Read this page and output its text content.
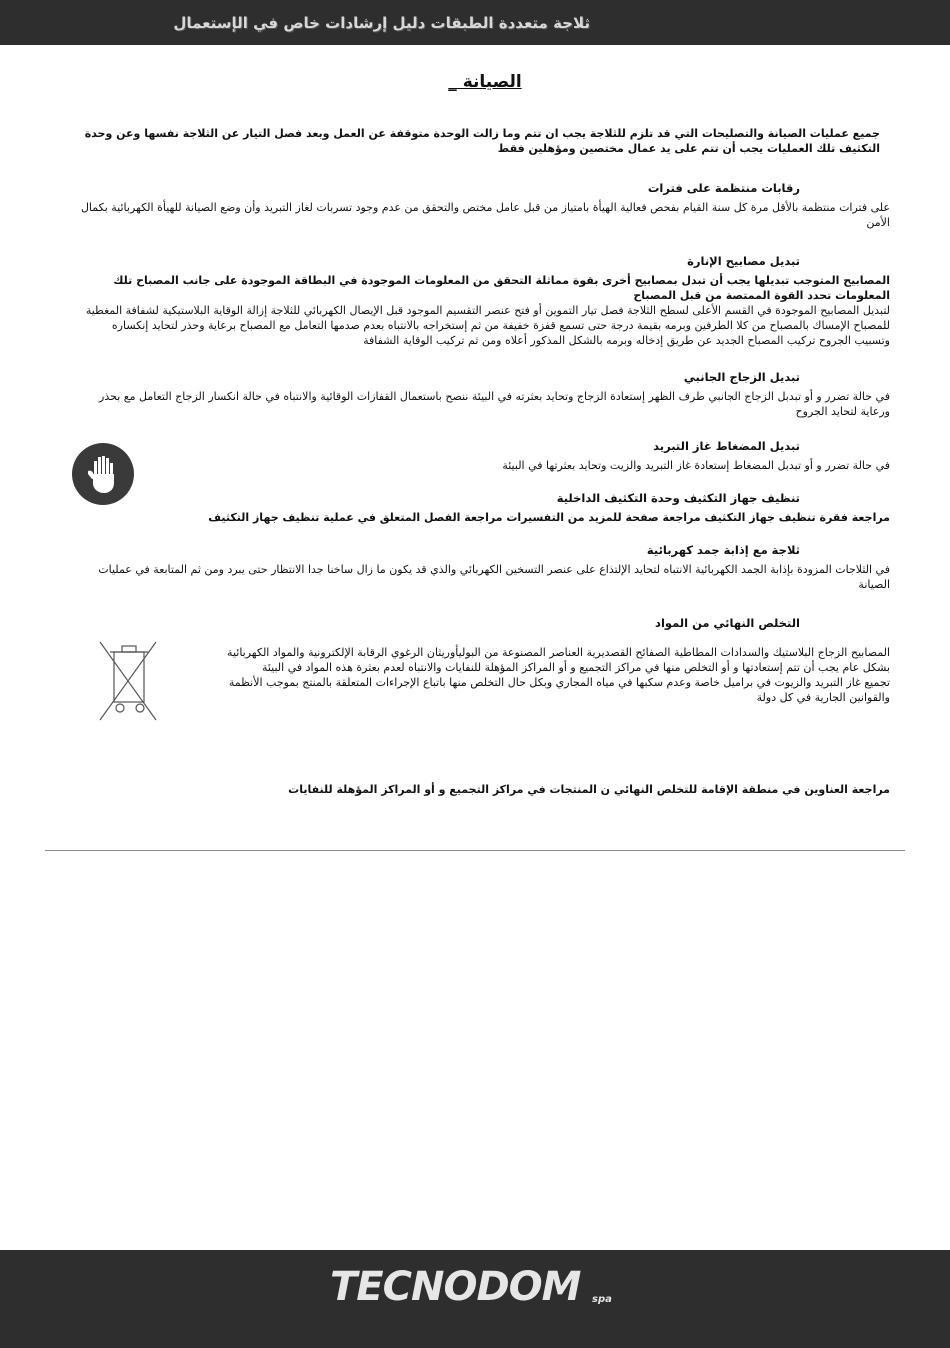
ثلاجة متعددة الطبقات دليل إرشادات خاص في الإستعمال
الصيانة _

جميع عمليات الصيانة والتصليحات التي قد تلزم للثلاجة يجب ان تتم وما زالت الوحدة متوقفة عن العمل وبعد فصل التيار عن الثلاجة نفسها وعن وحدة التكثيف تلك العمليات يجب أن تتم على يد عمال مختصين ومؤهلين فقط

رقابات منتظمة على فترات

على فترات منتظمة بالأقل مرة كل سنة القيام بفحص فعالية الهيأة بامتياز من قبل عامل مختص والتحقق من عدم وجود تسربات لغاز التبريد وأن وضع الصيانة للهيأة الكهربائية بكمال الأمن

تبديل مصابيح الإنارة

المصابيح المتوجب تبديلها يجب أن تبدل بمصابيح أخرى بقوة مماثلة التحقق من المعلومات الموجودة في البطاقة الموجودة على جانب المصباح تلك المعلومات تحدد القوة الممتصة من قبل المصباح

لتبديل المصابيح الموجودة في القسم الأعلى لسطح الثلاجة فصل تيار التموين أو فتح عنصر التقسيم الموجود قبل الإيصال الكهربائي للثلاجة إزالة الوقاية البلاستيكية لشفافة المغطية للمصباح الإمساك بالمصباح من كلا الطرفين وبرمه بقيمة درجة حتى تسمع قفزة خفيفة من ثم إستخراجه بالانتباه بعدم صدمها التعامل مع المصباح برعاية وحذر لتحايد إنكساره وتسبيب الجروح تركيب المصباح الجديد عن طريق إدخاله وبرمه بالشكل المذكور أعلاه ومن ثم تركيب الوقاية الشفافة

تبديل الزجاج الجانبي

في حالة تضرر و أو تبدبل الزجاج الجانبي طرف الظهر إستعادة الزجاج وتحايد بعثرته في البيئة ننصح باستعمال القفازات الوقائية والانتباه في حالة انكسار الزجاج التعامل مع بحذر ورعاية لتحايد الجروح

تبديل المضغاط غاز التبريد

في حالة تضرر و أو تبدبل المضغاط إستعادة غاز التبريد والزيت وتحايد بعثرتها في البيئة

تنظيف جهاز التكثيف وحدة التكثيف الداخلية

مراجعة فقرة تنظيف جهاز التكثيف مراجعة صفحة للمزيد من التفسيرات مراجعة الفصل المتعلق في عملية تنظيف جهاز التكثيف

ثلاجة مع إذابة جمد كهربائية

في الثلاجات المزودة بإذابة الجمد الكهربائية الانتباه لتحايد الإلتذاع على عنصر التسخين الكهربائي والذي قد يكون ما زال ساخنا جدا الانتظار حتى يبرد ومن ثم المتابعة في عمليات الصيانة

التخلص النهائي من المواد

المصابيح الزجاج البلاستيك والسدادات المطاطية الصفائح القصديرية العناصر المصنوعة من البوليأوريثان الرغوي الرقابة الإلكترونية والمواد الكهربائية بشكل عام يجب أن تتم إستعادتها و أو التخلص منها في مراكز التجميع و أو المراكز المؤهلة للنفايات والانتباه لعدم بعثرة هذه المواد في البيئة

تجميع غاز التبريد والزيوت في براميل خاصة وعدم سكبها في مياه المجاري وبكل حال التخلص منها باتباع الإجراءات المتعلقة بالمنتج بموجب الأنظمة والقوانين الجارية في كل دولة

مراجعة العناوين في منطقة الإقامة للتخلص النهائي ن المنتجات في مراكز التجميع و أو المراكز المؤهلة للنفايات

TECNODOM spa
